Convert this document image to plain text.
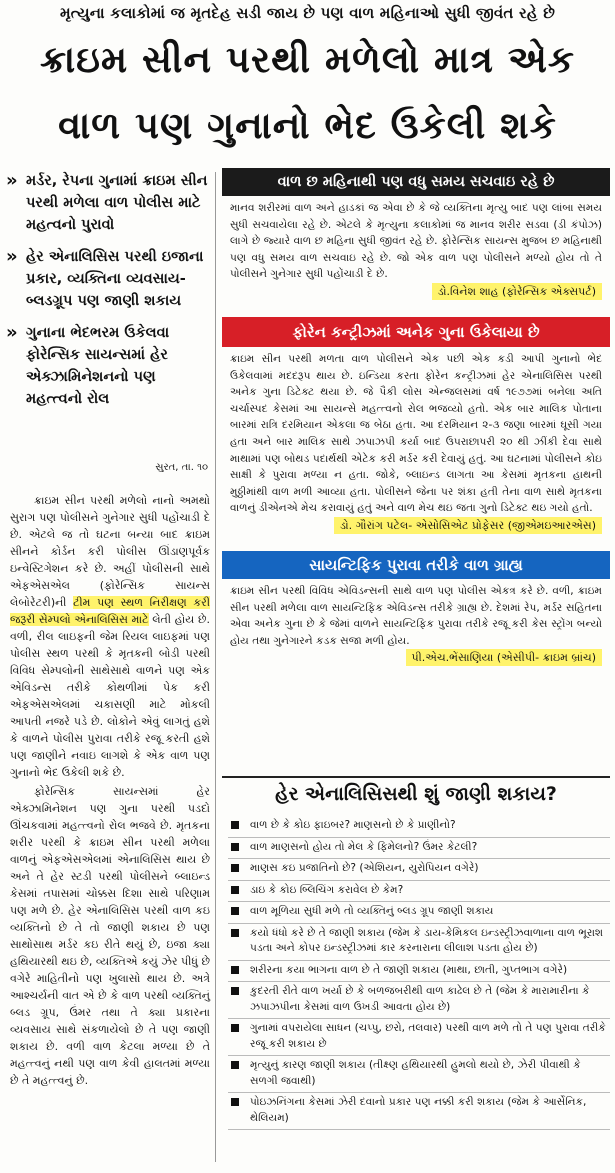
મૃત્યુના કલાકોમાં જ મૃતદેહ સડી જાય છે પણ વાળ મહિનાઓ સુધી જીવંત રહે છે
ક્રાઇમ સીન પરથી મળેલો માત્ર એક
વાળ પણ ગુનાનો ભેદ ઉકેલી શકે
» મર્ડર, રેપના ગુનામાં ક્રાઇમ સીન પરથી મળેલા વાળ પોલીસ માટે મહત્વનો પુરાવો
» હેર એનાલિસિસ પરથી ઇજાના પ્રકાર, વ્યક્તિના વ્યવસાય-બ્લડગ્રૂપ પણ જાણી શકાય
» ગુનાના ભેદભરમ ઉકેલવા ફોરેન્સિક સાયન્સમાં હેર એક્ઝામિનેશનનો પણ મહત્ત્વનો રોલ
સુરત, તા. ૧૦

ક્રાઇમ સીન પરથી મળેલો નાનો અમથો સુરાગ પણ પોલીસને ગુનેગાર સુધી પહોંચાડી દે છે. એટલે જ તો ઘટના બન્યા બાદ ક્રાઇમ સીનને કોર્ડન કરી પોલીસ ઊંડાણપૂર્વક ઇન્વેસ્ટિગેશન કરે છે. અહીં પોલીસની સાથે એફએસએલ (ફોરેન્સિક સાયન્સ લેબોરેટરી)ની ટીમ પણ સ્થળ નિરીક્ષણ કરી જરૂરી સેમ્પલો એનાલિસિસ માટે લેતી હોય છે. વળી, રીલ લાઇફની જેમ રિયલ લાઇફમાં પણ પોલીસ સ્થળ પરથી કે મૃતકની બોડી પરથી વિવિધ સેમ્પલોની સાથેસાથે વાળને પણ એક એવિડન્સ તરીકે કોથળીમાં પેક કરી એફએસએલમાં ચકાસણી માટે મોકલી આપતી નજરે પડે છે. લોકોને એવું લાગતું હશે કે વાળને પોલીસ પુરાવા તરીકે રજૂ કરતી હશે પણ જાણીને નવાઇ લાગશે કે એક વાળ પણ ગુનાનો ભેદ ઉકેલી શકે છે.

ફોરેન્સિક સાયન્સમાં હેર એક્ઝામિનેશન પણ ગુના પરથી પડદો ઊંચકવામાં મહત્ત્વનો રોલ ભજવે છે. મૃતકના શરીર પરથી કે ક્રાઇમ સીન પરથી મળેલા વાળનું એફએસએલમાં એનાલિસિસ થાય છે અને તે હેર સ્ટડી પરથી પોલીસને બ્લાઇન્ડ કેસમાં તપાસમાં ચોક્કસ દિશા સાથે પરિણામ પણ મળે છે. હેર એનાલિસિસ પરથી વાળ કઇ વ્યક્તિનો છે તે તો જાણી શકાય છે પણ સાથોસાથ મર્ડર કઇ રીતે થયું છે, ઇજા ક્યા હથિયારથી થઇ છે, વ્યક્તિએ કયું ઝેર પીધું છે વગેરે માહિતીનો પણ ખુલાસો થાય છે. અત્રે આશ્ચર્યની વાત એ છે કે વાળ પરથી વ્યક્તિનું બ્લડ ગ્રૂપ, ઉંમર તથા તે ક્યા પ્રકારના વ્યવસાય સાથે સંકળાયેલો છે તે પણ જાણી શકાય છે. વળી વાળ કેટલા મળ્યા છે તે મહત્ત્વનું નથી પણ વાળ કેવી હાલતમાં મળ્યા છે તે મહત્ત્વનું છે.

વાળ છ મહિનાથી પણ વધુ સમય સચવાઇ રહે છે
માનવ શરીરમાં વાળ અને હાડકાં જ એવા છે કે જે વ્યક્તિના મૃત્યુ બાદ પણ લાંબા સમય સુધી સચવાયેલા રહે છે. એટલે કે મૃત્યુના કલાકોમાં જ માનવ શરીર સડવા (ડી કંપોઝ) લાગે છે જ્યારે વાળ છ મહિના સુધી જીવંત રહે છે. ફોરેન્સિક સાયન્સ મુજબ છ મહિનાથી પણ વધુ સમય વાળ સચવાઇ રહે છે. જો એક વાળ પણ પોલીસને મળ્યો હોય તો તે પોલીસને ગુનેગાર સુધી પહોંચાડી દે છે.
ડો.વિનેશ શાહ (ફોરેન્સિક એક્સપર્ટ)
ફોરેન કન્ટ્રીઝમાં અનેક ગુના ઉકેલાયા છે
ક્રાઇમ સીન પરથી મળતા વાળ પોલીસને એક પછી એક કડી આપી ગુનાનો ભેદ ઉકેલવામાં મદદરૂપ થાય છે. ઇન્ડિયા કરતા ફોરેન કન્ટ્રીઝમાં હેર એનાલિસિસ પરથી અનેક ગુના ડિટેક્ટ થયા છે. જે પૈકી લોસ એન્જલસમાં વર્ષ ૧૯૭૭માં બનેલા અતિ ચર્ચાસ્પદ કેસમાં આ સાયન્સે મહત્ત્વનો રોલ ભજવ્યો હતો. એક બાર માલિક પોતાના બારમાં રાત્રિ દરમિયાન એકલા જ બેઠા હતા. આ દરમિયાન ૨-૩ જણા બારમાં ઘૂસી ગયા હતા અને બાર માલિક સાથે ઝપાઝપી કર્યા બાદ ઉપરાછાપરી ૨૦ થી ઝીંકી દેવા સાથે માથામાં પણ બોથડ પદાર્થથી એટેક કરી મર્ડર કરી દેવાયું હતું. આ ઘટનામાં પોલીસને કોઇ સાક્ષી કે પુરાવા મળ્યા ન હતા. જોકે, બ્લાઇન્ડ લાગતા આ કેસમાં મૃતકના હાથની મુઠ્ઠીમાંથી વાળ મળી આવ્યા હતા. પોલીસને જેના પર શંકા હતી તેના વાળ સાથે મૃતકના વાળનું ડીએનએ મેચ કરાવાયું હતું અને વાળ મેચ થઇ જતા ગુનો ડિટેક્ટ થઇ ગયો હતો.
ડો. ગૌરાંગ પટેલ- એસોસિએટ પ્રોફેસર (જીએમઇઆરએસ)
સાયન્ટિફિક પુરાવા તરીકે વાળ ગ્રાહ્ય
ક્રાઇમ સીન પરથી વિવિધ એવિડન્સની સાથે વાળ પણ પોલીસ એકત્ર કરે છે. વળી, ક્રાઇમ સીન પરથી મળેલા વાળ સાયન્ટિફિક એવિડન્સ તરીકે ગ્રાહ્ય છે. દેશમાં રેપ, મર્ડર સહિતના એવા અનેક ગુના છે કે જેમાં વાળને સાયન્ટિફિક પુરાવા તરીકે રજૂ કરી કેસ સ્ટ્રોંગ બન્યો હોય તથા ગુનેગારને કડક સજા મળી હોય.
પી.એચ.ભેંસાણિયા (એસીપી- ક્રાઇમ બ્રાંચ)
હેર એનાલિસિસથી શું જાણી શકાય?
વાળ છે કે કોઇ ફાઇબર? માણસનો છે કે પ્રાણીનો?
વાળ માણસનો હોય તો મેલ કે ફિમેલનો? ઉંમર કેટલી?
માણસ કઇ પ્રજાતિનો છે? (એશિયન, યુરોપિયન વગેરે)
ડાઇ કે કોઇ બ્લિચિંગ કરાવેલ છે કેમ?
વાળ મૂળિયા સુધી મળે તો વ્યક્તિનું બ્લડ ગ્રૂપ જાણી શકાય
કયો ધંધો કરે છે તે જાણી શકાય (જેમ કે ડાય-કેમિકલ ઇન્ડસ્ટ્રીઝવાળાના વાળ ભૂરાશ પડતા અને કોપર ઇન્ડસ્ટ્રીઝમાં કાર કરનારાના લીલાશ પડતા હોય છે)
શરીરના કયા ભાગના વાળ છે તે જાણી શકાય (માથા, છાતી, ગુપ્તભાગ વગેરે)
કુદરતી રીતે વાળ ખર્યા છે કે બળજબરીથી વાળ કાઢેલ છે તે (જેમ કે મારામારીના કે ઝપાઝપીના કેસમાં વાળ ઉખડી આવતા હોય છે)
ગુનામાં વપરાયેલા સાધન (ચપ્પુ, છરો, તલવાર) પરથી વાળ મળે તો તે પણ પુરાવા તરીકે રજૂ કરી શકાય છે
મૃત્યુનું કારણ જાણી શકાય (તીક્ષ્ણ હથિયારથી હુમલો થયો છે, ઝેરી પીવાથી કે સળગી જવાથી)
પોઇઝનિંગના કેસમાં ઝેરી દવાનો પ્રકાર પણ નક્કી કરી શકાય (જેમ કે આર્સેનિક, થેલિયમ)
